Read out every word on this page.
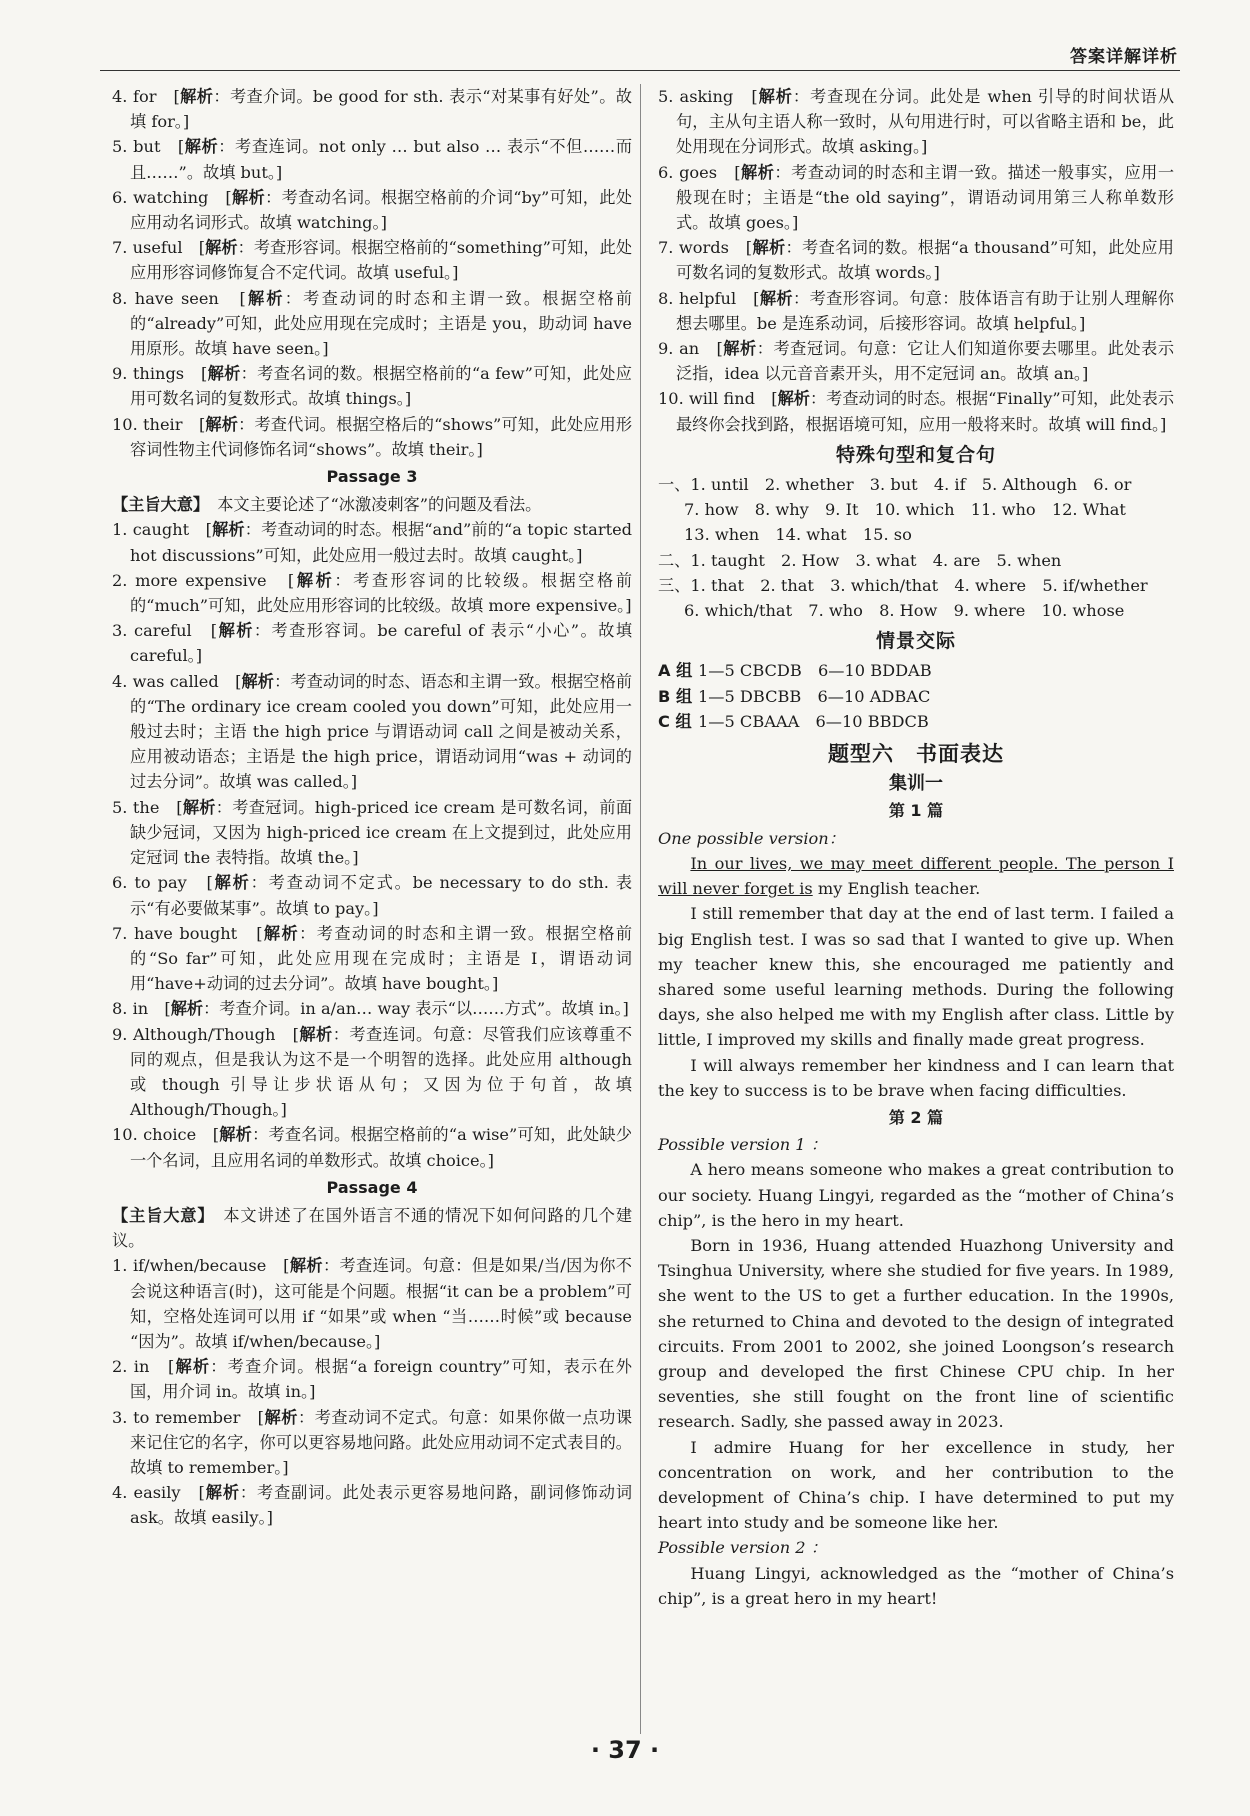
答案详解详析

4. for　[解析：考查介词。be good for sth. 表示“对某事有好处”。故填 for。]

5. but　[解析：考查连词。not only … but also … 表示“不但……而且……”。故填 but。]

6. watching　[解析：考查动名词。根据空格前的介词“by”可知，此处应用动名词形式。故填 watching。]

7. useful　[解析：考查形容词。根据空格前的“something”可知，此处应用形容词修饰复合不定代词。故填 useful。]

8. have seen　[解析：考查动词的时态和主谓一致。根据空格前的“already”可知，此处应用现在完成时；主语是 you，助动词 have 用原形。故填 have seen。]

9. things　[解析：考查名词的数。根据空格前的“a few”可知，此处应用可数名词的复数形式。故填 things。]

10. their　[解析：考查代词。根据空格后的“shows”可知，此处应用形容词性物主代词修饰名词“shows”。故填 their。]

Passage 3

【主旨大意】　 本文主要论述了“冰激凌刺客”的问题及看法。

1. caught　[解析：考查动词的时态。根据“and”前的“a topic started hot discussions”可知，此处应用一般过去时。故填 caught。]

2. more expensive　[解析：考查形容词的比较级。根据空格前的“much”可知，此处应用形容词的比较级。故填 more expensive。]

3. careful　[解析：考查形容词。be careful of 表示“小心”。故填 careful。]

4. was called　[解析：考查动词的时态、语态和主谓一致。根据空格前的“The ordinary ice cream cooled you down”可知，此处应用一般过去时；主语 the high price 与谓语动词 call 之间是被动关系，应用被动语态；主语是 the high price，谓语动词用“was + 动词的过去分词”。故填 was called。]

5. the　[解析：考查冠词。high-priced ice cream 是可数名词，前面缺少冠词，又因为 high-priced ice cream 在上文提到过，此处应用定冠词 the 表特指。故填 the。]

6. to pay　[解析：考查动词不定式。be necessary to do sth. 表示“有必要做某事”。故填 to pay。]

7. have bought　[解析：考查动词的时态和主谓一致。根据空格前的“So far”可知，此处应用现在完成时；主语是 I，谓语动词用“have+动词的过去分词”。故填 have bought。]

8. in　[解析：考查介词。in a/an… way 表示“以……方式”。故填 in。]

9. Although/Though　[解析：考查连词。句意：尽管我们应该尊重不同的观点，但是我认为这不是一个明智的选择。此处应用 although 或 though 引导让步状语从句；又因为位于句首，故填 Although/Though。]

10. choice　[解析：考查名词。根据空格前的“a wise”可知，此处缺少一个名词，且应用名词的单数形式。故填 choice。]

Passage 4

【主旨大意】　 本文讲述了在国外语言不通的情况下如何问路的几个建议。

1. if/when/because　[解析：考查连词。句意：但是如果/当/因为你不会说这种语言(时)，这可能是个问题。根据“it can be a problem”可知，空格处连词可以用 if “如果”或 when “当……时候”或 because “因为”。故填 if/when/because。]

2. in　[解析：考查介词。根据“a foreign country”可知，表示在外国，用介词 in。故填 in。]

3. to remember　[解析：考查动词不定式。句意：如果你做一点功课来记住它的名字，你可以更容易地问路。此处应用动词不定式表目的。故填 to remember。]

4. easily　[解析：考查副词。此处表示更容易地问路，副词修饰动词 ask。故填 easily。]

5. asking　[解析：考查现在分词。此处是 when 引导的时间状语从句，主从句主语人称一致时，从句用进行时，可以省略主语和 be，此处用现在分词形式。故填 asking。]

6. goes　[解析：考查动词的时态和主谓一致。描述一般事实，应用一般现在时；主语是“the old saying”，谓语动词用第三人称单数形式。故填 goes。]

7. words　[解析：考查名词的数。根据“a thousand”可知，此处应用可数名词的复数形式。故填 words。]

8. helpful　[解析：考查形容词。句意：肢体语言有助于让别人理解你想去哪里。be 是连系动词，后接形容词。故填 helpful。]

9. an　[解析：考查冠词。句意：它让人们知道你要去哪里。此处表示泛指，idea 以元音音素开头，用不定冠词 an。故填 an。]

10. will find　[解析：考查动词的时态。根据“Finally”可知，此处表示最终你会找到路，根据语境可知，应用一般将来时。故填 will find。]

特殊句型和复合句

一、1. until　2. whether　3. but　4. if　5. Although　6. or

7. how　8. why　9. It　10. which　11. who　12. What

13. when　14. what　15. so

二、1. taught　2. How　3. what　4. are　5. when

三、1. that　2. that　3. which/that　4. where　5. if/whether

6. which/that　7. who　8. How　9. where　10. whose

情景交际

A 组 1—5 CBCDB　6—10 BDDAB

B 组 1—5 DBCBB　6—10 ADBAC

C 组 1—5 CBAAA　6—10 BBDCB

题型六　书面表达
集训一
第 1 篇

One possible version：

In our lives, we may meet different people. The person I will never forget is my English teacher.

I still remember that day at the end of last term. I failed a big English test. I was so sad that I wanted to give up. When my teacher knew this, she encouraged me patiently and shared some useful learning methods. During the following days, she also helped me with my English after class. Little by little, I improved my skills and finally made great progress.

I will always remember her kindness and I can learn that the key to success is to be brave when facing difficulties.

第 2 篇

Possible version 1 ：

A hero means someone who makes a great contribution to our society. Huang Lingyi, regarded as the “mother of China’s chip”, is the hero in my heart.

Born in 1936, Huang attended Huazhong University and Tsinghua University, where she studied for five years. In 1989, she went to the US to get a further education. In the 1990s, she returned to China and devoted to the design of integrated circuits. From 2001 to 2002, she joined Loongson’s research group and developed the first Chinese CPU chip. In her seventies, she still fought on the front line of scientific research. Sadly, she passed away in 2023.

I admire Huang for her excellence in study, her concentration on work, and her contribution to the development of China’s chip. I have determined to put my heart into study and be someone like her.

Possible version 2 ：

Huang Lingyi, acknowledged as the “mother of China’s chip”, is a great hero in my heart!

· 37 ·
